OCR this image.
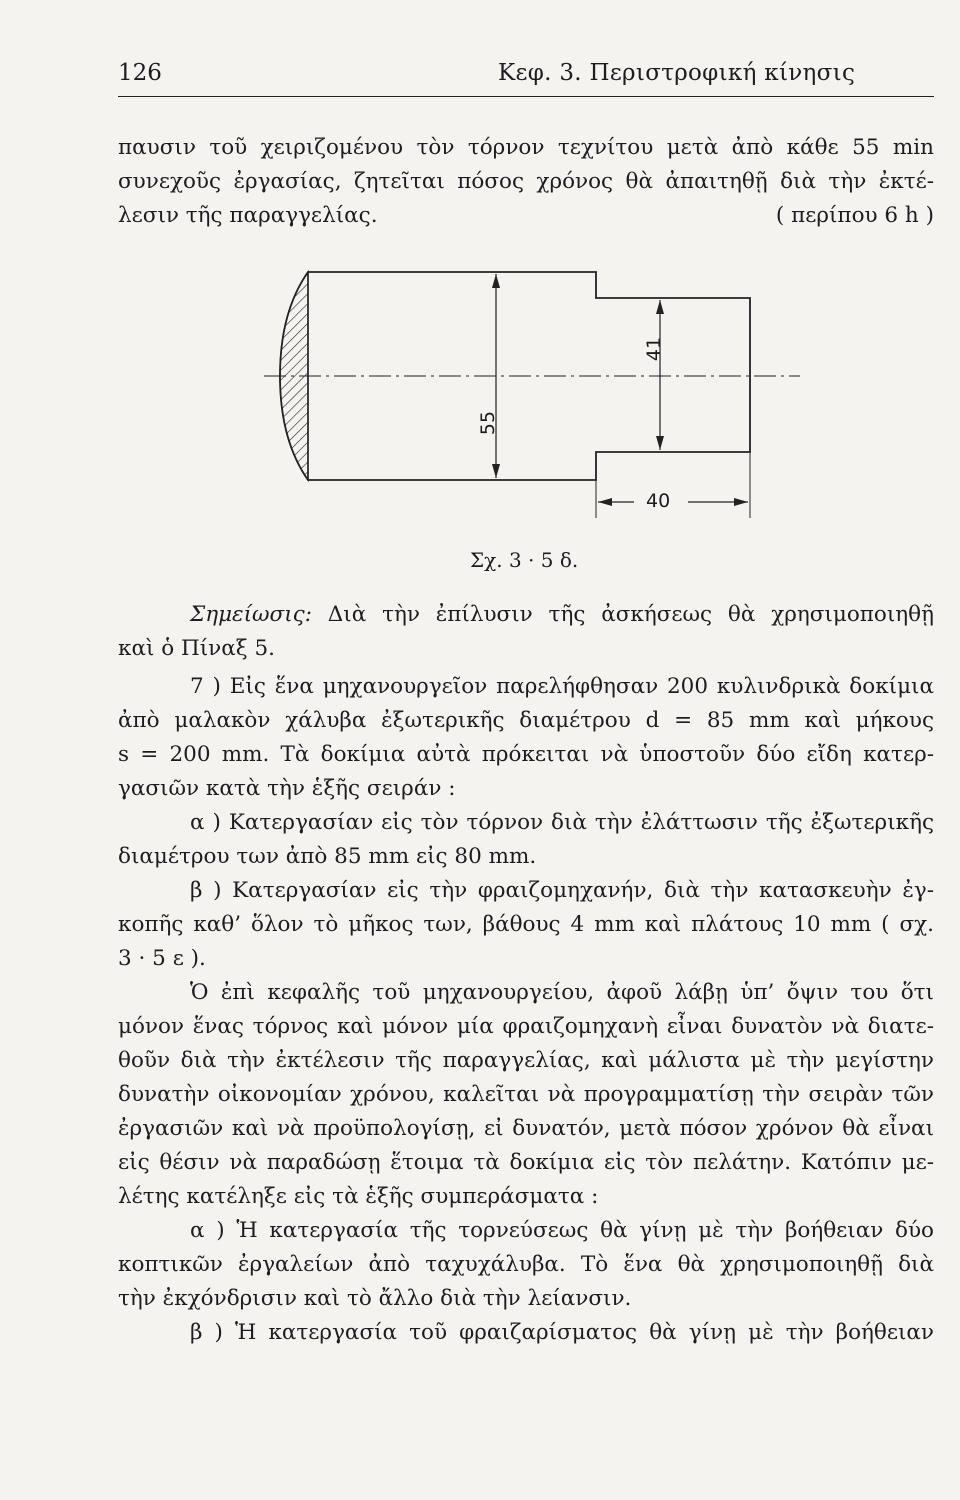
126	Κεφ. 3. Περιστροφική κίνησις

παυσιν τοῦ χειριζομένου τὸν τόρνον τεχνίτου μετὰ ἀπὸ κάθε 55 min

συνεχοῦς ἐργασίας, ζητεῖται πόσος χρόνος θὰ ἀπαιτηθῇ διὰ τὴν ἐκτέ-

λεσιν τῆς παραγγελίας.	( περίπου 6 h )
55
41
40
Σχ. 3 · 5 δ.

Σημείωσις: Διὰ τὴν ἐπίλυσιν τῆς ἀσκήσεως θὰ χρησιμοποιηθῇ

καὶ ὁ Πίναξ 5.

7 ) Εἰς ἕνα μηχανουργεῖον παρελήφθησαν 200 κυλινδρικὰ δοκίμια

ἀπὸ μαλακὸν χάλυβα ἐξωτερικῆς διαμέτρου d = 85 mm καὶ μήκους

s = 200 mm. Τὰ δοκίμια αὐτὰ πρόκειται νὰ ὑποστοῦν δύο εἴδη κατερ-

γασιῶν κατὰ τὴν ἑξῆς σειράν :

α ) Κατεργασίαν εἰς τὸν τόρνον διὰ τὴν ἐλάττωσιν τῆς ἐξωτερικῆς

διαμέτρου των ἀπὸ 85 mm εἰς 80 mm.

β ) Κατεργασίαν εἰς τὴν φραιζομηχανήν, διὰ τὴν κατασκευὴν ἐγ-

κοπῆς καθ’ ὅλον τὸ μῆκος των, βάθους 4 mm καὶ πλάτους 10 mm ( σχ.

3 · 5 ε ).

Ὁ ἐπὶ κεφαλῆς τοῦ μηχανουργείου, ἀφοῦ λάβῃ ὑπ’ ὄψιν του ὅτι

μόνον ἕνας τόρνος καὶ μόνον μία φραιζομηχανὴ εἶναι δυνατὸν νὰ διατε-

θοῦν διὰ τὴν ἐκτέλεσιν τῆς παραγγελίας, καὶ μάλιστα μὲ τὴν μεγίστην

δυνατὴν οἰκονομίαν χρόνου, καλεῖται νὰ προγραμματίσῃ τὴν σειρὰν τῶν

ἐργασιῶν καὶ νὰ προϋπολογίσῃ, εἰ δυνατόν, μετὰ πόσον χρόνον θὰ εἶναι

εἰς θέσιν νὰ παραδώσῃ ἕτοιμα τὰ δοκίμια εἰς τὸν πελάτην. Κατόπιν με-

λέτης κατέληξε εἰς τὰ ἑξῆς συμπεράσματα :

α ) Ἡ κατεργασία τῆς τορνεύσεως θὰ γίνῃ μὲ τὴν βοήθειαν δύο

κοπτικῶν ἐργαλείων ἀπὸ ταχυχάλυβα. Τὸ ἕνα θὰ χρησιμοποιηθῇ διὰ

τὴν ἐκχόνδρισιν καὶ τὸ ἄλλο διὰ τὴν λείανσιν.

β ) Ἡ κατεργασία τοῦ φραιζαρίσματος θὰ γίνῃ μὲ τὴν βοήθειαν
